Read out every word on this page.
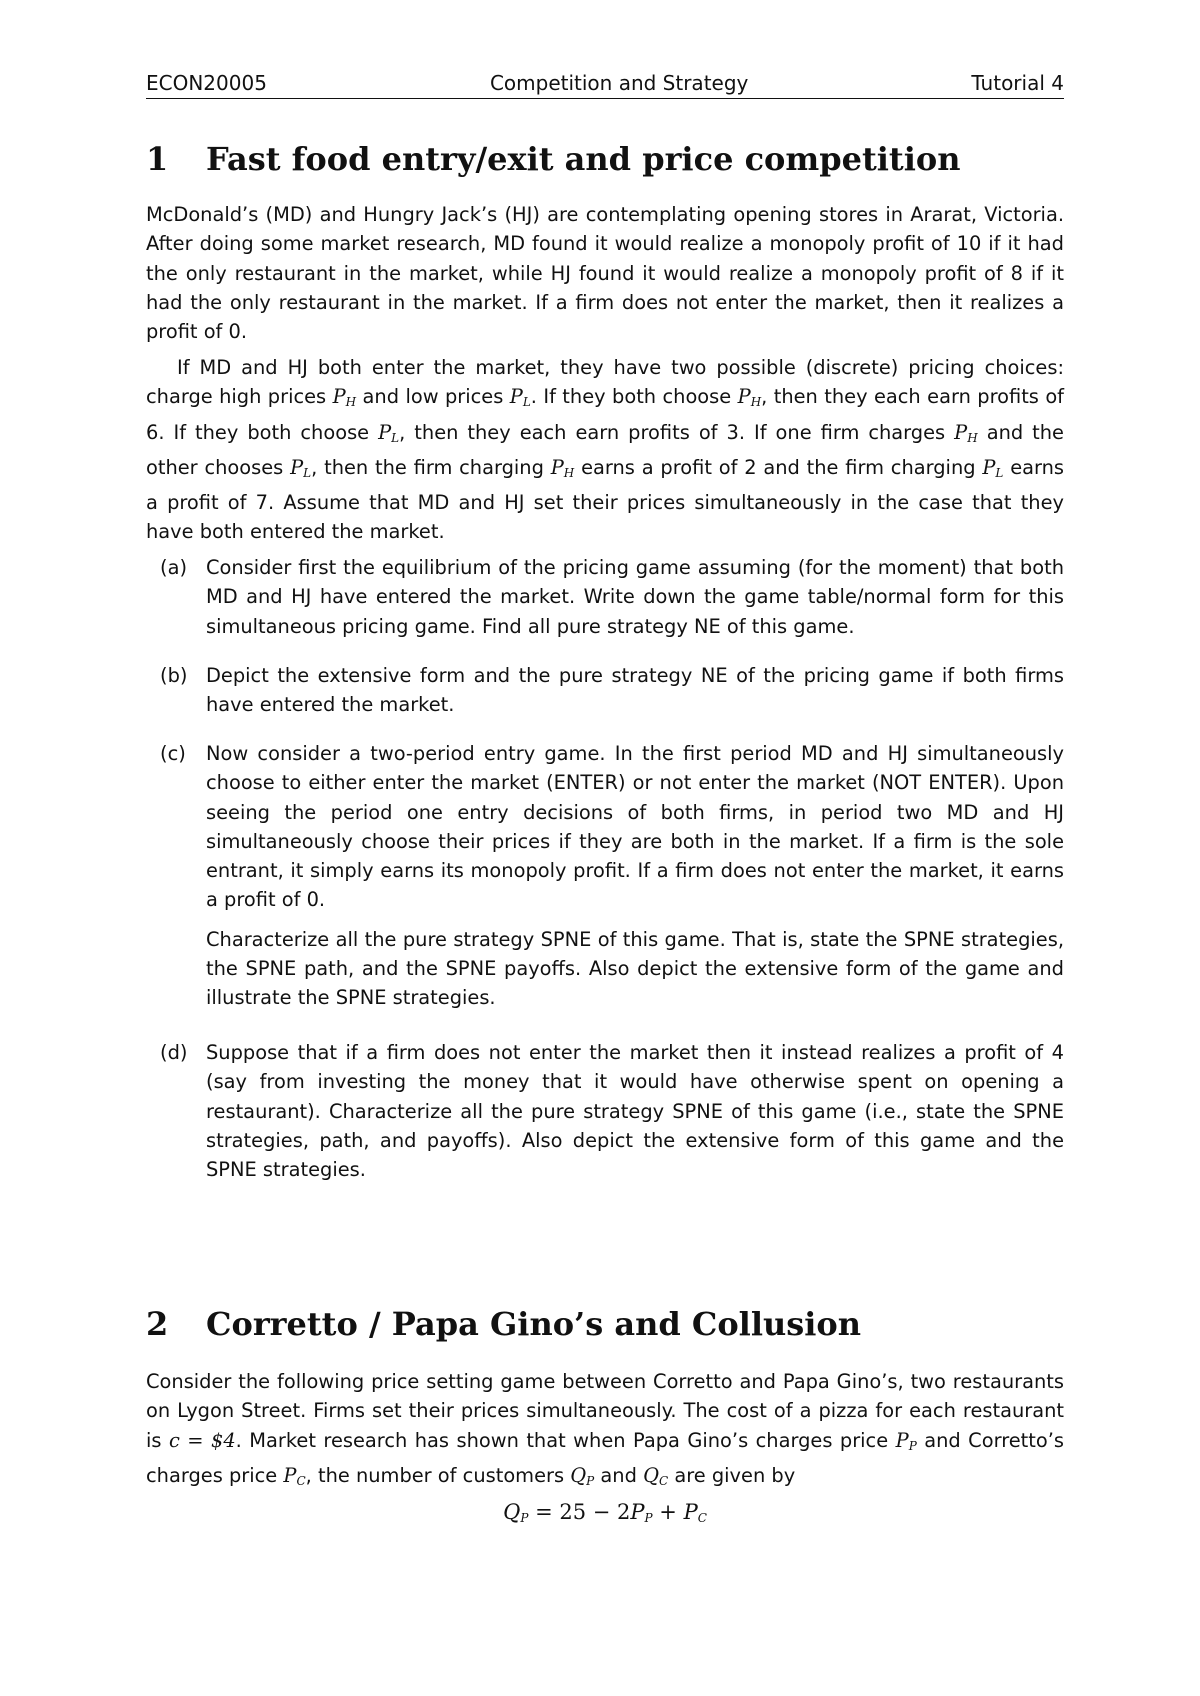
ECON20005	Competition and Strategy	Tutorial 4
1	Fast food entry/exit and price competition

McDonald’s (MD) and Hungry Jack’s (HJ) are contemplating opening stores in Ararat, Victoria. After doing some market research, MD found it would realize a monopoly profit of 10 if it had the only restaurant in the market, while HJ found it would realize a monopoly profit of 8 if it had the only restaurant in the market. If a firm does not enter the market, then it realizes a profit of 0.

If MD and HJ both enter the market, they have two possible (discrete) pricing choices: charge high prices $P_H$ and low prices $P_L$. If they both choose $P_H$, then they each earn profits of 6. If they both choose $P_L$, then they each earn profits of 3. If one firm charges $P_H$ and the other chooses $P_L$, then the firm charging $P_H$ earns a profit of 2 and the firm charging $P_L$ earns a profit of 7. Assume that MD and HJ set their prices simultaneously in the case that they have both entered the market.

(a) Consider first the equilibrium of the pricing game assuming (for the moment) that both MD and HJ have entered the market. Write down the game table/normal form for this simultaneous pricing game. Find all pure strategy NE of this game.

(b) Depict the extensive form and the pure strategy NE of the pricing game if both firms have entered the market.

(c)	Now consider a two-period entry game. In the first period MD and HJ simultaneously choose to either enter the market (ENTER) or not enter the market (NOT ENTER). Upon seeing the period one entry decisions of both firms, in period two MD and HJ simultaneously choose their prices if they are both in the market. If a firm is the sole entrant, it simply earns its monopoly profit. If a firm does not enter the market, it earns a profit of 0.

Characterize all the pure strategy SPNE of this game. That is, state the SPNE strategies, the SPNE path, and the SPNE payoffs. Also depict the extensive form of the game and illustrate the SPNE strategies.

(d) Suppose that if a firm does not enter the market then it instead realizes a profit of 4 (say from investing the money that it would have otherwise spent on opening a restaurant). Characterize all the pure strategy SPNE of this game (i.e., state the SPNE strategies, path, and payoffs). Also depict the extensive form of this game and the SPNE strategies.

2	Corretto / Papa Gino’s and Collusion

Consider the following price setting game between Corretto and Papa Gino’s, two restaurants on Lygon Street. Firms set their prices simultaneously. The cost of a pizza for each restaurant is c = $4. Market research has shown that when Papa Gino’s charges price $P_P$ and Corretto’s charges price $P_C$, the number of customers $Q_P$ and $Q_C$ are given by

$Q_P = 25 - 2P_P + P_C$
